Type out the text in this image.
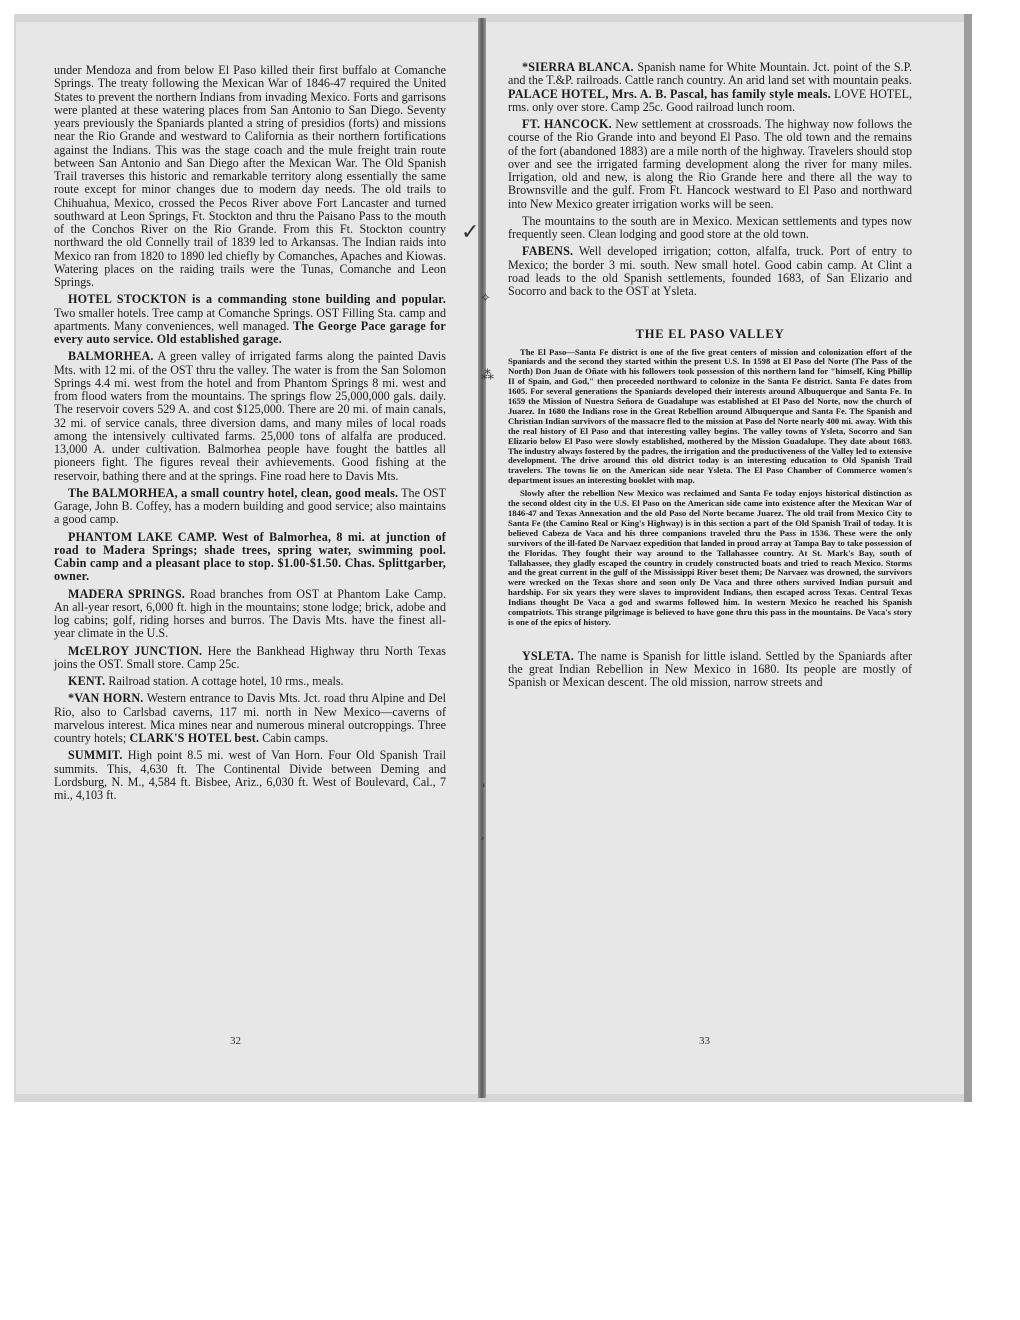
✓
✧
⁂
'
ʼ

under Mendoza and from below El Paso killed their first buffalo at Comanche Springs. The treaty following the Mexican War of 1846-47 required the United States to prevent the northern Indians from invading Mexico. Forts and garrisons were planted at these watering places from San Antonio to San Diego. Seventy years previously the Spaniards planted a string of presidios (forts) and missions near the Rio Grande and westward to California as their northern fortifications against the Indians. This was the stage coach and the mule freight train route between San Antonio and San Diego after the Mexican War. The Old Spanish Trail traverses this historic and remarkable territory along essentially the same route except for minor changes due to modern day needs. The old trails to Chihuahua, Mexico, crossed the Pecos River above Fort Lancaster and turned southward at Leon Springs, Ft. Stockton and thru the Paisano Pass to the mouth of the Conchos River on the Rio Grande. From this Ft. Stockton country northward the old Connelly trail of 1839 led to Arkansas. The Indian raids into Mexico ran from 1820 to 1890 led chiefly by Comanches, Apaches and Kiowas. Watering places on the raiding trails were the Tunas, Comanche and Leon Springs.

HOTEL STOCKTON is a commanding stone building and popular. Two smaller hotels. Tree camp at Comanche Springs. OST Filling Sta. camp and apartments. Many conveniences, well managed. The George Pace garage for every auto service. Old established garage.

BALMORHEA. A green valley of irrigated farms along the painted Davis Mts. with 12 mi. of the OST thru the valley. The water is from the San Solomon Springs 4.4 mi. west from the hotel and from Phantom Springs 8 mi. west and from flood waters from the mountains. The springs flow 25,000,000 gals. daily. The reservoir covers 529 A. and cost $125,000. There are 20 mi. of main canals, 32 mi. of service canals, three diversion dams, and many miles of local roads among the intensively cultivated farms. 25,000 tons of alfalfa are produced. 13,000 A. under cultivation. Balmorhea people have fought the battles all pioneers fight. The figures reveal their avhievements. Good fishing at the reservoir, bathing there and at the springs. Fine road here to Davis Mts.

The BALMORHEA, a small country hotel, clean, good meals. The OST Garage, John B. Coffey, has a modern building and good service; also maintains a good camp.

PHANTOM LAKE CAMP. West of Balmorhea, 8 mi. at junction of road to Madera Springs; shade trees, spring water, swimming pool. Cabin camp and a pleasant place to stop. $1.00-$1.50. Chas. Splittgarber, owner.

MADERA SPRINGS. Road branches from OST at Phantom Lake Camp. An all-year resort, 6,000 ft. high in the mountains; stone lodge; brick, adobe and log cabins; golf, riding horses and burros. The Davis Mts. have the finest all-year climate in the U.S.

McELROY JUNCTION. Here the Bankhead Highway thru North Texas joins the OST. Small store. Camp 25c.

KENT. Railroad station. A cottage hotel, 10 rms., meals.

*VAN HORN. Western entrance to Davis Mts. Jct. road thru Alpine and Del Rio, also to Carlsbad caverns, 117 mi. north in New Mexico—caverns of marvelous interest. Mica mines near and numerous mineral outcroppings. Three country hotels; CLARK'S HOTEL best. Cabin camps.

SUMMIT. High point 8.5 mi. west of Van Horn. Four Old Spanish Trail summits. This, 4,630 ft. The Continental Divide between Deming and Lordsburg, N. M., 4,584 ft. Bisbee, Ariz., 6,030 ft. West of Boulevard, Cal., 7 mi., 4,103 ft.

32

*SIERRA BLANCA. Spanish name for White Mountain. Jct. point of the S.P. and the T.&P. railroads. Cattle ranch country. An arid land set with mountain peaks. PALACE HOTEL, Mrs. A. B. Pascal, has family style meals. LOVE HOTEL, rms. only over store. Camp 25c. Good railroad lunch room.

FT. HANCOCK. New settlement at crossroads. The highway now follows the course of the Rio Grande into and beyond El Paso. The old town and the remains of the fort (abandoned 1883) are a mile north of the highway. Travelers should stop over and see the irrigated farming development along the river for many miles. Irrigation, old and new, is along the Rio Grande here and there all the way to Brownsville and the gulf. From Ft. Hancock westward to El Paso and northward into New Mexico greater irrigation works will be seen.

The mountains to the south are in Mexico. Mexican settlements and types now frequently seen. Clean lodging and good store at the old town.

FABENS. Well developed irrigation; cotton, alfalfa, truck. Port of entry to Mexico; the border 3 mi. south. New small hotel. Good cabin camp. At Clint a road leads to the old Spanish settlements, founded 1683, of San Elizario and Socorro and back to the OST at Ysleta.

THE EL PASO VALLEY

The El Paso—Santa Fe district is one of the five great centers of mission and colonization effort of the Spaniards and the second they started within the present U.S. In 1598 at El Paso del Norte (The Pass of the North) Don Juan de Oñate with his followers took possession of this northern land for "himself, King Phillip II of Spain, and God," then proceeded northward to colonize in the Santa Fe district. Santa Fe dates from 1605. For several generations the Spaniards developed their interests around Albuquerque and Santa Fe. In 1659 the Mission of Nuestra Señora de Guadalupe was established at El Paso del Norte, now the church of Juarez. In 1680 the Indians rose in the Great Rebellion around Albuquerque and Santa Fe. The Spanish and Christian Indian survivors of the massacre fled to the mission at Paso del Norte nearly 400 mi. away. With this the real history of El Paso and that interesting valley begins. The valley towns of Ysleta, Socorro and San Elizario below El Paso were slowly established, mothered by the Mission Guadalupe. They date about 1683. The industry always fostered by the padres, the irrigation and the productiveness of the Valley led to extensive development. The drive around this old district today is an interesting education to Old Spanish Trail travelers. The towns lie on the American side near Ysleta. The El Paso Chamber of Commerce women's department issues an interesting booklet with map.

Slowly after the rebellion New Mexico was reclaimed and Santa Fe today enjoys historical distinction as the second oldest city in the U.S. El Paso on the American side came into existence after the Mexican War of 1846-47 and Texas Annexation and the old Paso del Norte became Juarez. The old trail from Mexico City to Santa Fe (the Camino Real or King's Highway) is in this section a part of the Old Spanish Trail of today. It is believed Cabeza de Vaca and his three companions traveled thru the Pass in 1536. These were the only survivors of the ill-fated De Narvaez expedition that landed in proud array at Tampa Bay to take possession of the Floridas. They fought their way around to the Tallahassee country. At St. Mark's Bay, south of Tallahassee, they gladly escaped the country in crudely constructed boats and tried to reach Mexico. Storms and the great current in the gulf of the Mississippi River beset them; De Narvaez was drowned, the survivors were wrecked on the Texas shore and soon only De Vaca and three others survived Indian pursuit and hardship. For six years they were slaves to improvident Indians, then escaped across Texas. Central Texas Indians thought De Vaca a god and swarms followed him. In western Mexico he reached his Spanish compatriots. This strange pilgrimage is believed to have gone thru this pass in the mountains. De Vaca's story is one of the epics of history.

YSLETA. The name is Spanish for little island. Settled by the Spaniards after the great Indian Rebellion in New Mexico in 1680. Its people are mostly of Spanish or Mexican descent. The old mission, narrow streets and

33
